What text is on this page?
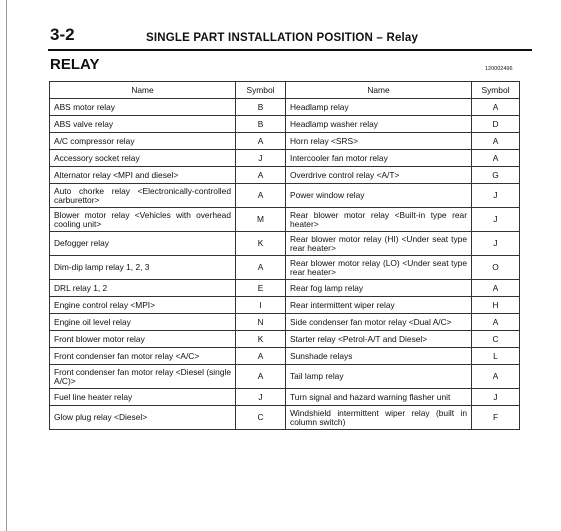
3-2	SINGLE PART INSTALLATION POSITION – Relay
RELAY	120002496
Name	Symbol	Name	Symbol
ABS motor relay	B	Headlamp relay	A
ABS valve relay	B	Headlamp washer relay	D
A/C compressor relay	A	Horn relay <SRS>	A
Accessory socket relay	J	Intercooler fan motor relay	A
Alternator relay <MPI and diesel>	A	Overdrive control relay <A/T>	G
Auto chorke relay <Electronically-controlled carburettor>	A	Power window relay	J
Blower motor relay <Vehicles with overhead cooling unit>	M	Rear blower motor relay <Built-in type rear heater>	J
Defogger relay	K	Rear blower motor relay (HI) <Under seat type rear heater>	J
Dim-dip lamp relay 1, 2, 3	A	Rear blower motor relay (LO) <Under seat type rear heater>	O
DRL relay 1, 2	E	Rear fog lamp relay	A
Engine control relay <MPI>	I	Rear intermittent wiper relay	H
Engine oil level relay	N	Side condenser fan motor relay <Dual A/C>	A
Front blower motor relay	K	Starter relay <Petrol-A/T and Diesel>	C
Front condenser fan motor relay <A/C>	A	Sunshade relays	L
Front condenser fan motor relay <Diesel (single A/C)>	A	Tail lamp relay	A
Fuel line heater relay	J	Turn signal and hazard warning flasher unit	J
Glow plug relay <Diesel>	C	Windshield intermittent wiper relay (built in column switch)	F
